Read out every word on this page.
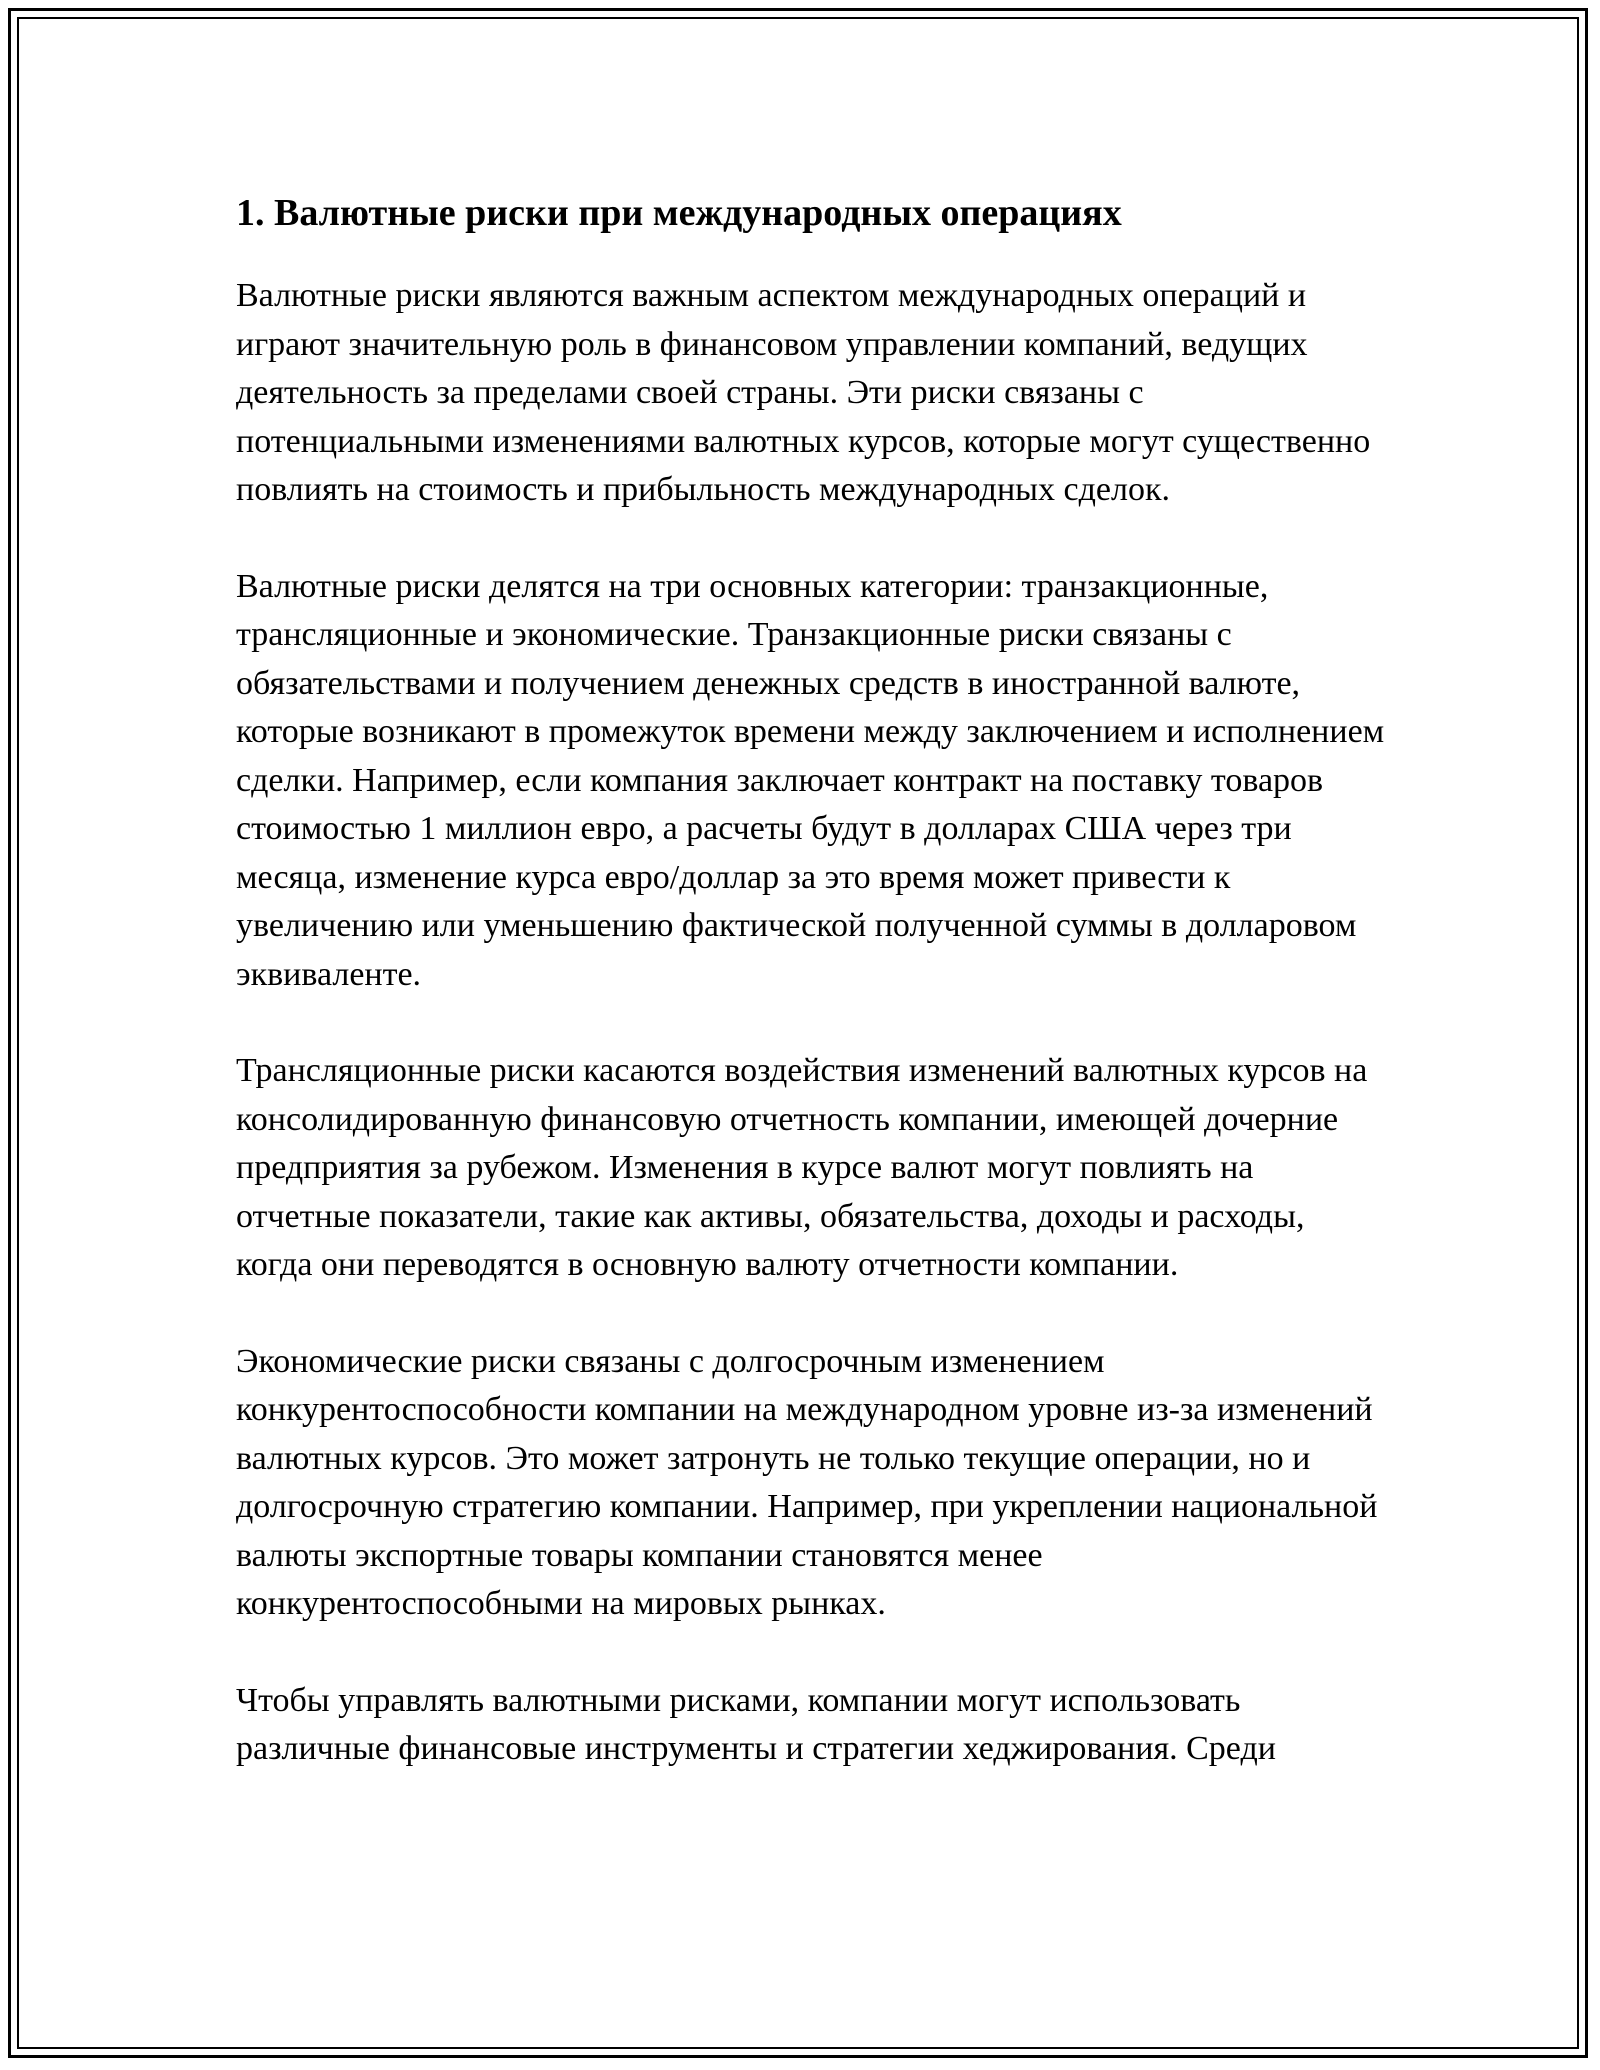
1. Валютные риски при международных операциях

Валютные риски являются важным аспектом международных операций и играют значительную роль в финансовом управлении компаний, ведущих деятельность за пределами своей страны. Эти риски связаны с потенциальными изменениями валютных курсов, которые могут существенно повлиять на стоимость и прибыльность международных сделок.

Валютные риски делятся на три основных категории: транзакционные, трансляционные и экономические. Транзакционные риски связаны с обязательствами и получением денежных средств в иностранной валюте, которые возникают в промежуток времени между заключением и исполнением сделки. Например, если компания заключает контракт на поставку товаров стоимостью 1 миллион евро, а расчеты будут в долларах США через три месяца, изменение курса евро/доллар за это время может привести к увеличению или уменьшению фактической полученной суммы в долларовом эквиваленте.

Трансляционные риски касаются воздействия изменений валютных курсов на консолидированную финансовую отчетность компании, имеющей дочерние предприятия за рубежом. Изменения в курсе валют могут повлиять на отчетные показатели, такие как активы, обязательства, доходы и расходы, когда они переводятся в основную валюту отчетности компании.

Экономические риски связаны с долгосрочным изменением конкурентоспособности компании на международном уровне из-за изменений валютных курсов. Это может затронуть не только текущие операции, но и долгосрочную стратегию компании. Например, при укреплении национальной валюты экспортные товары компании становятся менее конкурентоспособными на мировых рынках.

Чтобы управлять валютными рисками, компании могут использовать различные финансовые инструменты и стратегии хеджирования. Среди
